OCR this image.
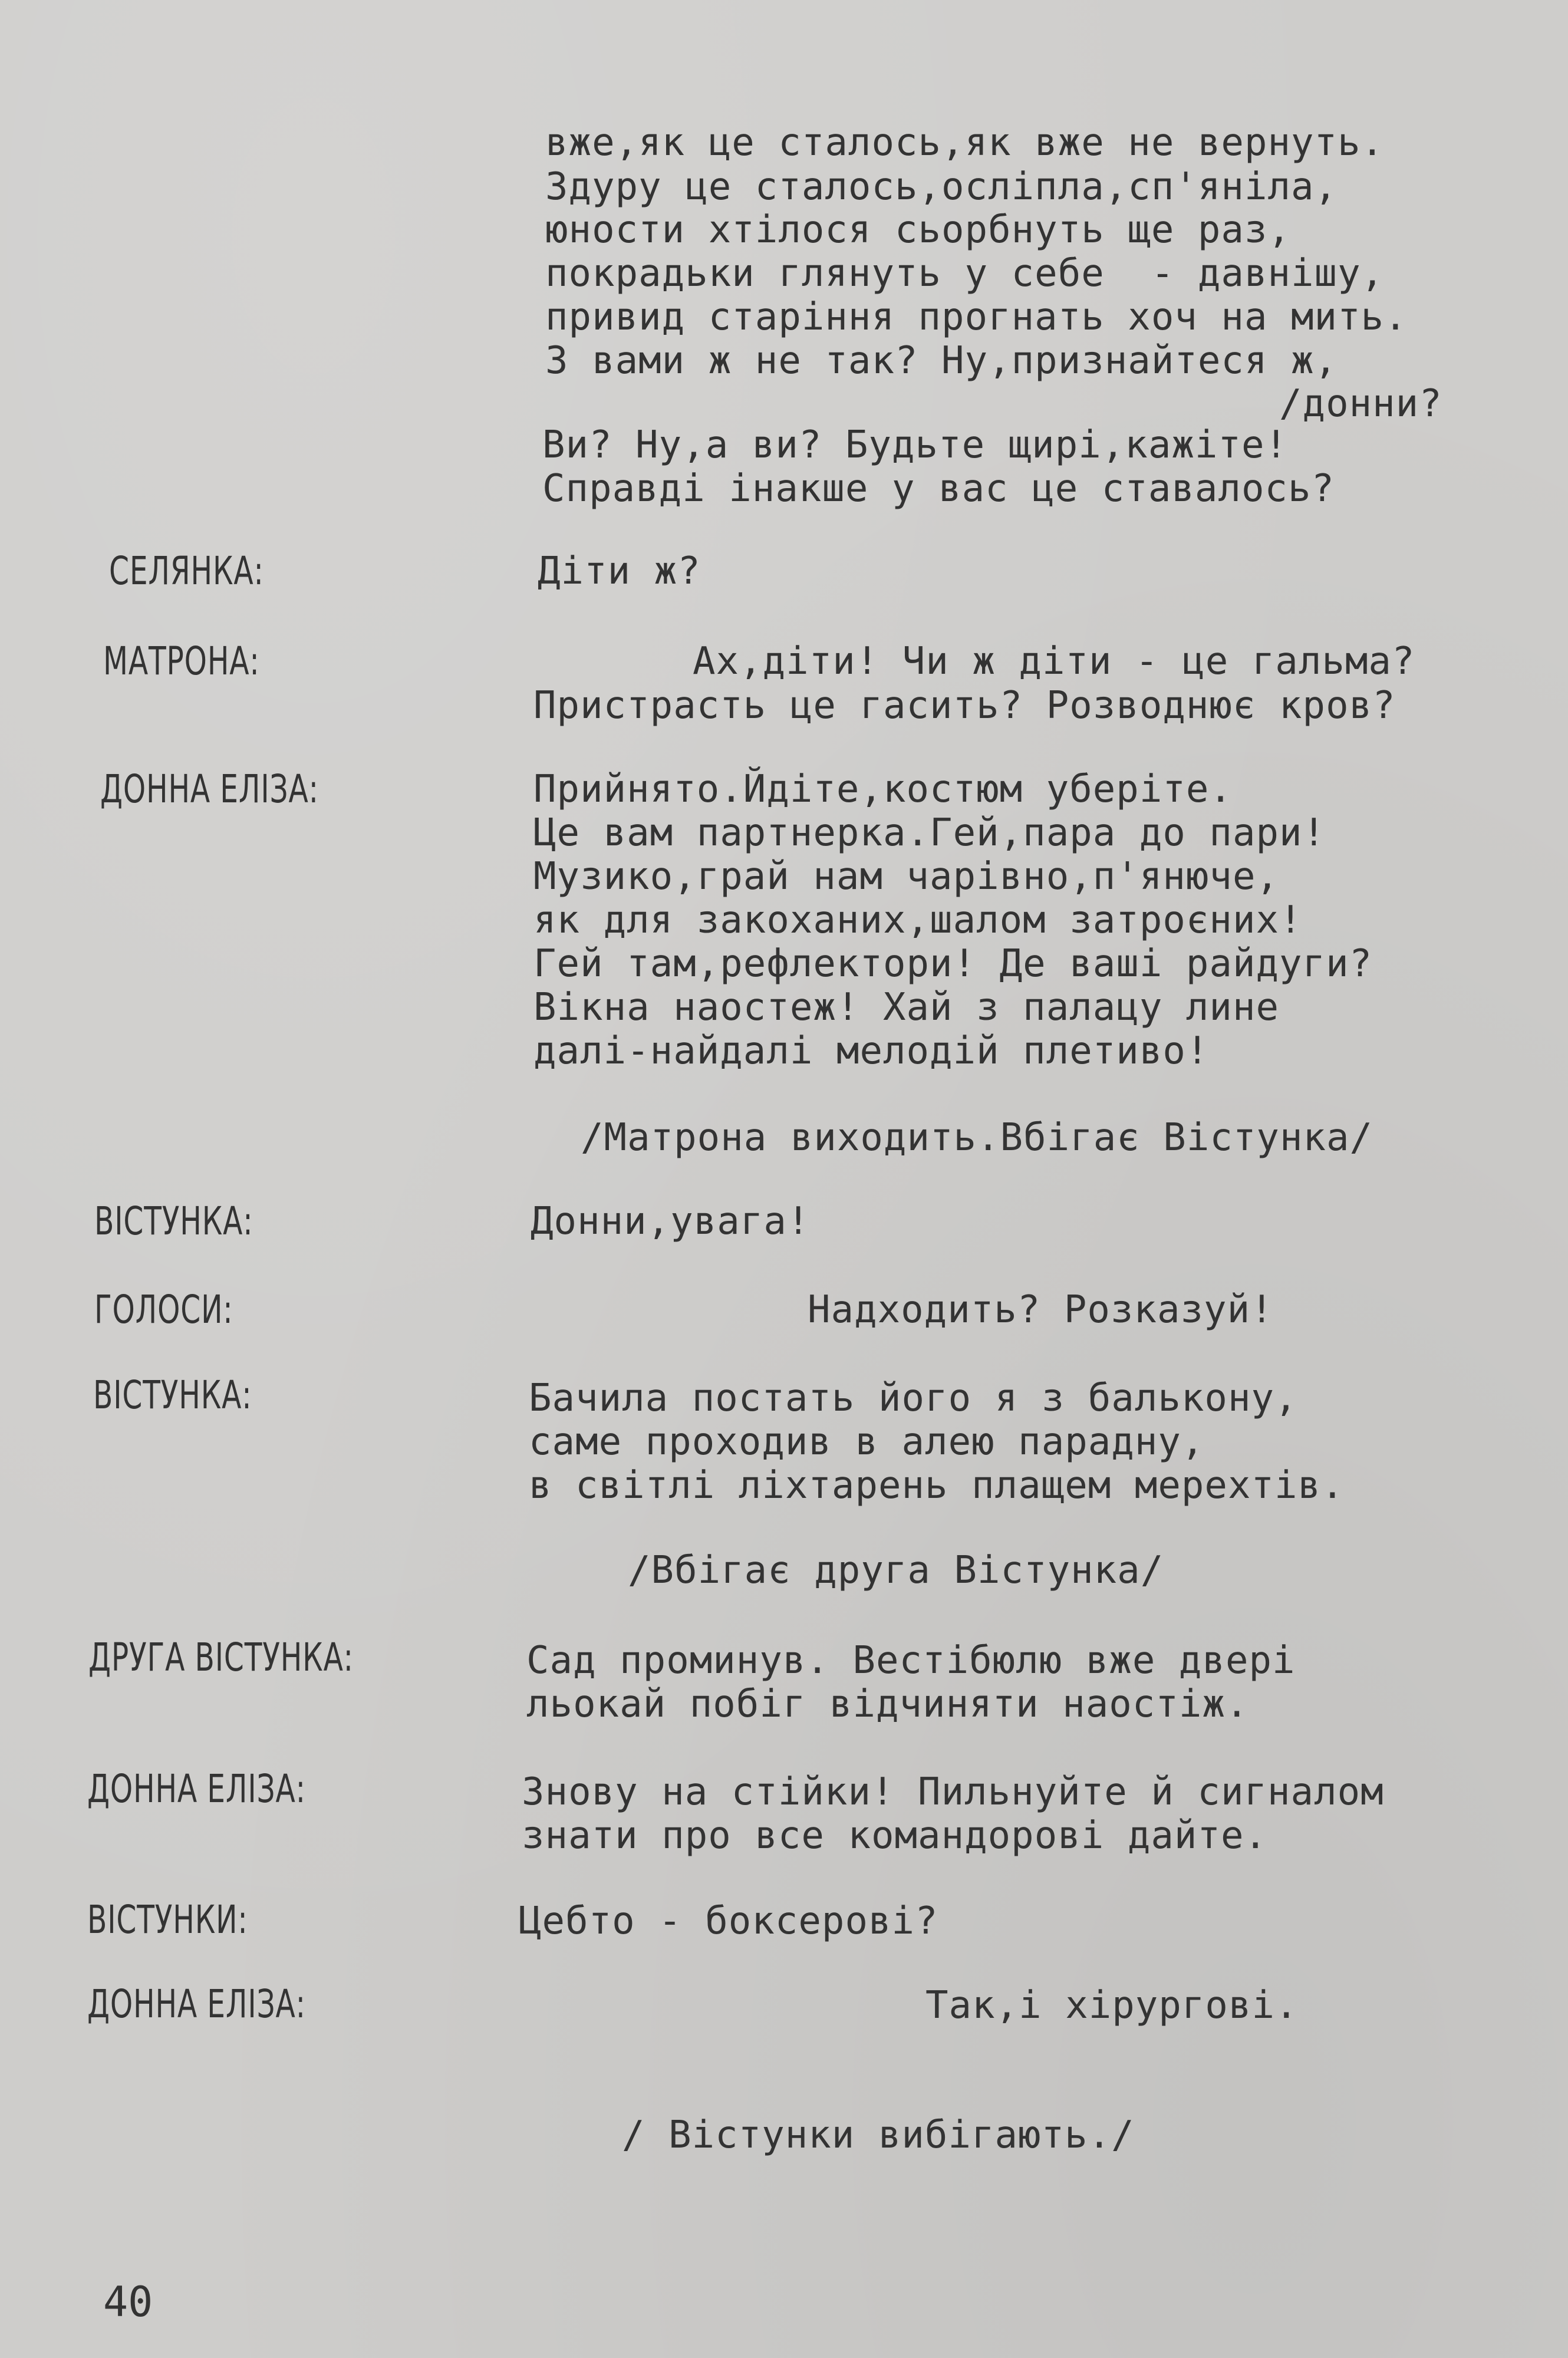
вже,як це сталось,як вже не вернуть.
Здуру це сталось,осліпла,сп'яніла,
юности хтілося сьорбнуть ще раз,
покрадьки глянуть у себе  - давнішу,
привид старіння прогнать хоч на мить.
З вами ж не так? Ну,признайтеся ж,
/донни?
Ви? Ну,а ви? Будьте щирі,кажіте!
Справді інакше у вас це ставалось?
СЕЛЯНКА:	Діти ж?
МАТРОНА:	Ах,діти! Чи ж діти - це гальма?
Пристрасть це гасить? Розводнює кров?
ДОННА ЕЛІЗА:	Прийнято.Йдіте,костюм уберіте.
Це вам партнерка.Гей,пара до пари!
Музико,грай нам чарівно,п'янюче,
як для закоханих,шалом затроєних!
Гей там,рефлектори! Де ваші райдуги?
Вікна наостеж! Хай з палацу лине
далі-найдалі мелодій плетиво!
/Матрона виходить.Вбігає Вістунка/
ВІСТУНКА:	Донни,увага!
ГОЛОСИ:	Надходить? Розказуй!
ВІСТУНКА:	Бачила постать його я з балькону,
саме проходив в алею парадну,
в світлі ліхтарень плащем мерехтів.
/Вбігає друга Вістунка/
ДРУГА ВІСТУНКА:	Сад проминув. Вестібюлю вже двері
льокай побіг відчиняти наостіж.
ДОННА ЕЛІЗА:	Знову на стійки! Пильнуйте й сигналом
знати про все командорові дайте.
ВІСТУНКИ:	Цебто - боксерові?
ДОННА ЕЛІЗА:	Так,і хірургові.
/ Вістунки вибігають./
40
